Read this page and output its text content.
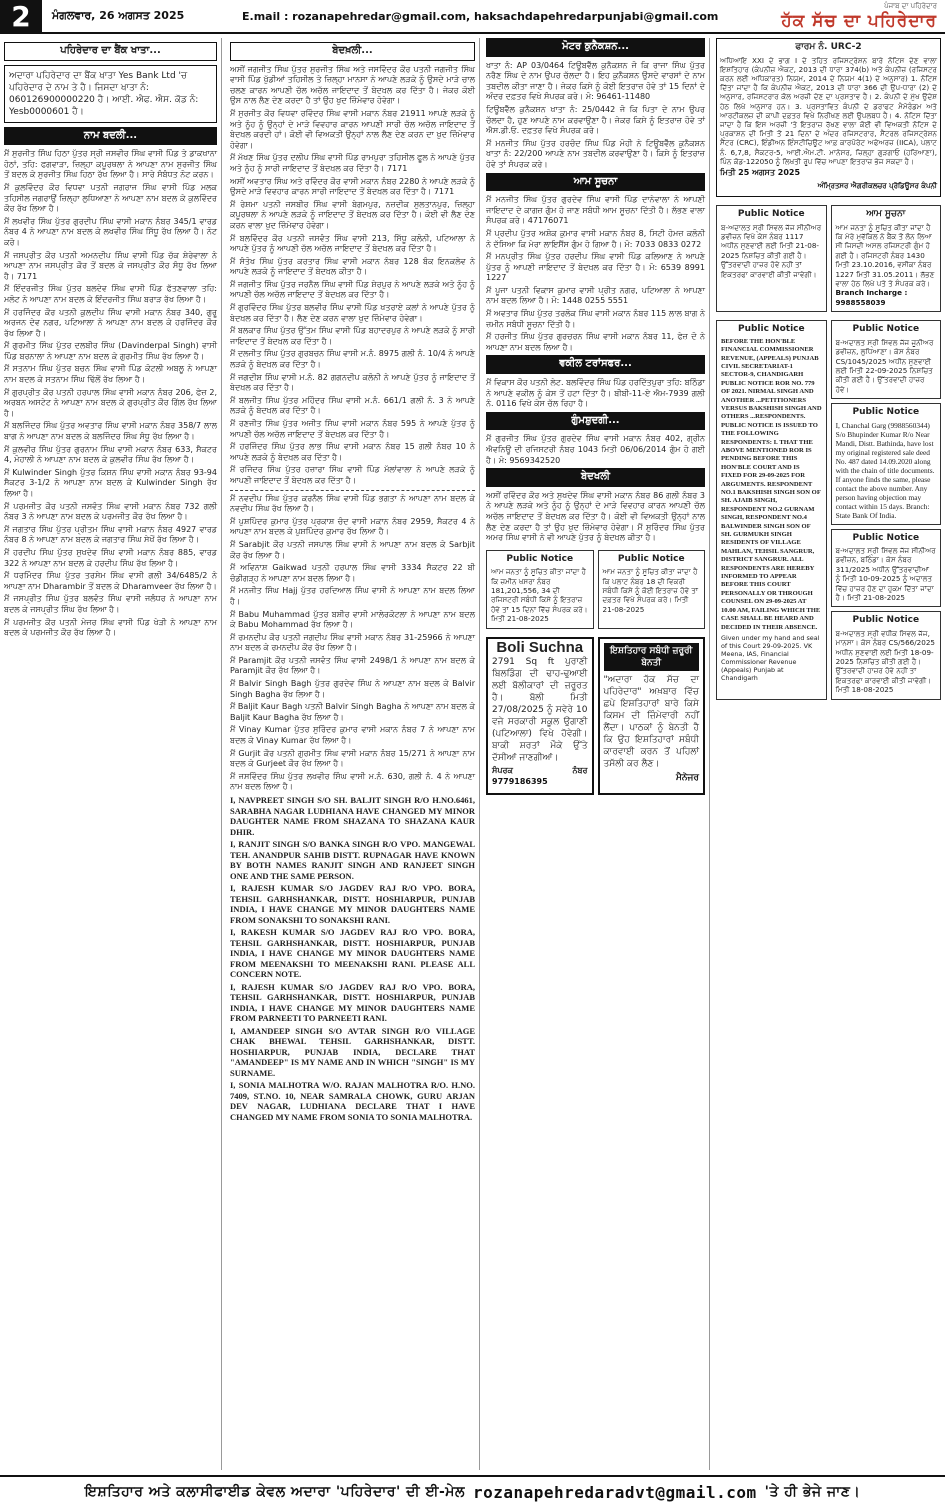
2	ਮੰਗਲਵਾਰ, 26 ਅਗਸਤ 2025	E.mail : rozanapehredar@gmail.com, haksachdapehredarpunjabi@gmail.com
ਪੰਜਾਬ ਦਾ ਪਹਿਰੇਦਾਰ
ਹੱਕ ਸੱਚ ਦਾ ਪਹਿਰੇਦਾਰ
ਪਹਿਰੇਦਾਰ ਦਾ ਬੈਂਕ ਖਾਤਾ...
ਅਦਾਰਾ ਪਹਿਰੇਦਾਰ ਦਾ ਬੈਂਕ ਖਾਤਾ Yes Bank Ltd 'ਚ ਪਹਿਰੇਦਾਰ ਦੇ ਨਾਮ ਤੇ ਹੈ। ਜਿਸਦਾ ਖਾਤਾ ਨੰ: 060126900000220 ਹੈ। ਆਈ. ਐਫ. ਐਸ. ਕੋਡ ਨੰ: Yesb0000601 ਹੈ।
ਨਾਮ ਬਦਲੀ...

ਮੈਂ ਸੁਰਜੀਤ ਸਿੰਘ ਹਿਠਾ ਪੁੱਤਰ ਸ੍ਰੀ ਜਸਵੀਰ ਸਿੰਘ ਵਾਸੀ ਪਿੰਡ ਤੇ ਡਾਕਖਾਨਾ ਹੋਠਾਂ, ਤਹਿ: ਫਗਵਾੜਾ, ਜ਼ਿਲ੍ਹਾ ਕਪੂਰਥਲਾ ਨੇ ਆਪਣਾ ਨਾਮ ਸੁਰਜੀਤ ਸਿੰਘ ਤੋਂ ਬਦਲ ਕੇ ਸੁਰਜੀਤ ਸਿੰਘ ਹਿਠਾ ਰੱਖ ਲਿਆ ਹੈ। ਸਾਰੇ ਸੰਬੰਧਤ ਨੋਟ ਕਰਨ।

ਮੈਂ ਕੁਲਵਿੰਦਰ ਕੌਰ ਵਿਧਵਾ ਪਤਨੀ ਜਗਰਾਜ ਸਿੰਘ ਵਾਸੀ ਪਿੰਡ ਮਲਕ ਤਹਿਸੀਲ ਜਗਰਾਉਂ ਜ਼ਿਲ੍ਹਾ ਲੁਧਿਆਣਾ ਨੇ ਆਪਣਾ ਨਾਮ ਬਦਲ ਕੇ ਕੁਲਵਿੰਦਰ ਕੌਰ ਰੱਖ ਲਿਆ ਹੈ।

ਮੈਂ ਲਖਵੀਰ ਸਿੰਘ ਪੁੱਤਰ ਗੁਰਦੀਪ ਸਿੰਘ ਵਾਸੀ ਮਕਾਨ ਨੰਬਰ 345/1 ਵਾਰਡ ਨੰਬਰ 4 ਨੇ ਆਪਣਾ ਨਾਮ ਬਦਲ ਕੇ ਲਖਵੀਰ ਸਿੰਘ ਸਿੱਧੂ ਰੱਖ ਲਿਆ ਹੈ। ਨੋਟ ਕਰੋ।

ਮੈਂ ਜਸਪ੍ਰੀਤ ਕੌਰ ਪਤਨੀ ਅਮਨਦੀਪ ਸਿੰਘ ਵਾਸੀ ਪਿੰਡ ਚੱਕ ਸ਼ੇਰੇਵਾਲਾ ਨੇ ਆਪਣਾ ਨਾਮ ਜਸਪ੍ਰੀਤ ਕੌਰ ਤੋਂ ਬਦਲ ਕੇ ਜਸਪ੍ਰੀਤ ਕੌਰ ਸੰਧੂ ਰੱਖ ਲਿਆ ਹੈ। 7171

ਮੈਂ ਇੰਦਰਜੀਤ ਸਿੰਘ ਪੁੱਤਰ ਬਲਦੇਵ ਸਿੰਘ ਵਾਸੀ ਪਿੰਡ ਫੱਤਣਵਾਲਾ ਤਹਿ: ਮਲੋਟ ਨੇ ਆਪਣਾ ਨਾਮ ਬਦਲ ਕੇ ਇੰਦਰਜੀਤ ਸਿੰਘ ਬਰਾੜ ਰੱਖ ਲਿਆ ਹੈ।

ਮੈਂ ਹਰਜਿੰਦਰ ਕੌਰ ਪਤਨੀ ਕੁਲਦੀਪ ਸਿੰਘ ਵਾਸੀ ਮਕਾਨ ਨੰਬਰ 340, ਗੁਰੂ ਅਰਜਨ ਦੇਵ ਨਗਰ, ਪਟਿਆਲਾ ਨੇ ਆਪਣਾ ਨਾਮ ਬਦਲ ਕੇ ਹਰਜਿੰਦਰ ਕੌਰ ਰੱਖ ਲਿਆ ਹੈ।

ਮੈਂ ਗੁਰਮੀਤ ਸਿੰਘ ਪੁੱਤਰ ਦਲਬੀਰ ਸਿੰਘ (Davinderpal Singh) ਵਾਸੀ ਪਿੰਡ ਬਰਨਾਲਾ ਨੇ ਆਪਣਾ ਨਾਮ ਬਦਲ ਕੇ ਗੁਰਮੀਤ ਸਿੰਘ ਰੱਖ ਲਿਆ ਹੈ।

ਮੈਂ ਸਤਨਾਮ ਸਿੰਘ ਪੁੱਤਰ ਬਚਨ ਸਿੰਘ ਵਾਸੀ ਪਿੰਡ ਕੋਟਲੀ ਅਬਲੂ ਨੇ ਆਪਣਾ ਨਾਮ ਬਦਲ ਕੇ ਸਤਨਾਮ ਸਿੰਘ ਢਿੱਲੋਂ ਰੱਖ ਲਿਆ ਹੈ।

ਮੈਂ ਗੁਰਪ੍ਰੀਤ ਕੌਰ ਪਤਨੀ ਹਰਪਾਲ ਸਿੰਘ ਵਾਸੀ ਮਕਾਨ ਨੰਬਰ 206, ਫੇਜ਼ 2, ਅਰਬਨ ਅਸਟੇਟ ਨੇ ਆਪਣਾ ਨਾਮ ਬਦਲ ਕੇ ਗੁਰਪ੍ਰੀਤ ਕੌਰ ਗਿੱਲ ਰੱਖ ਲਿਆ ਹੈ।

ਮੈਂ ਬਲਜਿੰਦਰ ਸਿੰਘ ਪੁੱਤਰ ਅਵਤਾਰ ਸਿੰਘ ਵਾਸੀ ਮਕਾਨ ਨੰਬਰ 358/7 ਲਾਲ ਬਾਗ ਨੇ ਆਪਣਾ ਨਾਮ ਬਦਲ ਕੇ ਬਲਜਿੰਦਰ ਸਿੰਘ ਸੰਧੂ ਰੱਖ ਲਿਆ ਹੈ।

ਮੈਂ ਕੁਲਵੀਰ ਸਿੰਘ ਪੁੱਤਰ ਗੁਰਨਾਮ ਸਿੰਘ ਵਾਸੀ ਮਕਾਨ ਨੰਬਰ 633, ਸੈਕਟਰ 4, ਮੋਹਾਲੀ ਨੇ ਆਪਣਾ ਨਾਮ ਬਦਲ ਕੇ ਕੁਲਵੀਰ ਸਿੰਘ ਰੱਖ ਲਿਆ ਹੈ।

ਮੈਂ Kulwinder Singh ਪੁੱਤਰ ਕਿਸ਼ਨ ਸਿੰਘ ਵਾਸੀ ਮਕਾਨ ਨੰਬਰ 93-94 ਸੈਕਟਰ 3-1/2 ਨੇ ਆਪਣਾ ਨਾਮ ਬਦਲ ਕੇ Kulwinder Singh ਰੱਖ ਲਿਆ ਹੈ।

ਮੈਂ ਪਰਮਜੀਤ ਕੌਰ ਪਤਨੀ ਜਸਵੰਤ ਸਿੰਘ ਵਾਸੀ ਮਕਾਨ ਨੰਬਰ 732 ਗਲੀ ਨੰਬਰ 3 ਨੇ ਆਪਣਾ ਨਾਮ ਬਦਲ ਕੇ ਪਰਮਜੀਤ ਕੌਰ ਰੱਖ ਲਿਆ ਹੈ।

ਮੈਂ ਜਗਤਾਰ ਸਿੰਘ ਪੁੱਤਰ ਪ੍ਰੀਤਮ ਸਿੰਘ ਵਾਸੀ ਮਕਾਨ ਨੰਬਰ 4927 ਵਾਰਡ ਨੰਬਰ 8 ਨੇ ਆਪਣਾ ਨਾਮ ਬਦਲ ਕੇ ਜਗਤਾਰ ਸਿੰਘ ਸੇਖੋਂ ਰੱਖ ਲਿਆ ਹੈ।

ਮੈਂ ਹਰਦੀਪ ਸਿੰਘ ਪੁੱਤਰ ਸੁਖਦੇਵ ਸਿੰਘ ਵਾਸੀ ਮਕਾਨ ਨੰਬਰ 885, ਵਾਰਡ 322 ਨੇ ਆਪਣਾ ਨਾਮ ਬਦਲ ਕੇ ਹਰਦੀਪ ਸਿੰਘ ਰੱਖ ਲਿਆ ਹੈ।

ਮੈਂ ਧਰਮਿੰਦਰ ਸਿੰਘ ਪੁੱਤਰ ਤਰਸੇਮ ਸਿੰਘ ਵਾਸੀ ਗਲੀ 34/6485/2 ਨੇ ਆਪਣਾ ਨਾਮ Dharambir ਤੋਂ ਬਦਲ ਕੇ Dharamveer ਰੱਖ ਲਿਆ ਹੈ।

ਮੈਂ ਜਸਪ੍ਰੀਤ ਸਿੰਘ ਪੁੱਤਰ ਬਲਵੰਤ ਸਿੰਘ ਵਾਸੀ ਜਲੰਧਰ ਨੇ ਆਪਣਾ ਨਾਮ ਬਦਲ ਕੇ ਜਸਪ੍ਰੀਤ ਸਿੰਘ ਰੱਖ ਲਿਆ ਹੈ।

ਮੈਂ ਪਰਮਜੀਤ ਕੌਰ ਪਤਨੀ ਮੇਜਰ ਸਿੰਘ ਵਾਸੀ ਪਿੰਡ ਖੇੜੀ ਨੇ ਆਪਣਾ ਨਾਮ ਬਦਲ ਕੇ ਪਰਮਜੀਤ ਕੌਰ ਰੱਖ ਲਿਆ ਹੈ।

ਬੇਦਖ਼ਲੀ...

ਅਸੀਂ ਜਗਜੀਤ ਸਿੰਘ ਪੁੱਤਰ ਸੁਰਜੀਤ ਸਿੰਘ ਅਤੇ ਜਸਵਿੰਦਰ ਕੌਰ ਪਤਨੀ ਜਗਜੀਤ ਸਿੰਘ ਵਾਸੀ ਪਿੰਡ ਖੁੱਡੀਆਂ ਤਹਿਸੀਲ ਤੇ ਜ਼ਿਲ੍ਹਾ ਮਾਨਸਾ ਨੇ ਆਪਣੇ ਲੜਕੇ ਨੂੰ ਉਸਦੇ ਮਾੜੇ ਚਾਲ ਚਲਣ ਕਾਰਨ ਆਪਣੀ ਚੱਲ ਅਚੱਲ ਜਾਇਦਾਦ ਤੋਂ ਬੇਦਖ਼ਲ ਕਰ ਦਿੱਤਾ ਹੈ। ਜੇਕਰ ਕੋਈ ਉਸ ਨਾਲ ਲੈਣ ਦੇਣ ਕਰਦਾ ਹੈ ਤਾਂ ਉਹ ਖੁਦ ਜ਼ਿੰਮੇਵਾਰ ਹੋਵੇਗਾ।

ਮੈਂ ਸੁਰਜੀਤ ਕੌਰ ਵਿਧਵਾ ਰਵਿੰਦਰ ਸਿੰਘ ਵਾਸੀ ਮਕਾਨ ਨੰਬਰ 21911 ਆਪਣੇ ਲੜਕੇ ਨੂੰ ਅਤੇ ਨੂੰਹ ਨੂੰ ਉਨ੍ਹਾਂ ਦੇ ਮਾੜੇ ਵਿਵਹਾਰ ਕਾਰਨ ਆਪਣੀ ਸਾਰੀ ਚੱਲ ਅਚੱਲ ਜਾਇਦਾਦ ਤੋਂ ਬੇਦਖ਼ਲ ਕਰਦੀ ਹਾਂ। ਕੋਈ ਵੀ ਵਿਅਕਤੀ ਉਨ੍ਹਾਂ ਨਾਲ ਲੈਣ ਦੇਣ ਕਰਨ ਦਾ ਖੁਦ ਜ਼ਿੰਮੇਵਾਰ ਹੋਵੇਗਾ।

ਮੈਂ ਮੱਖਣ ਸਿੰਘ ਪੁੱਤਰ ਦਲੀਪ ਸਿੰਘ ਵਾਸੀ ਪਿੰਡ ਰਾਮਪੁਰਾ ਤਹਿਸੀਲ ਫੂਲ ਨੇ ਆਪਣੇ ਪੁੱਤਰ ਅਤੇ ਨੂੰਹ ਨੂੰ ਸਾਰੀ ਜਾਇਦਾਦ ਤੋਂ ਬੇਦਖ਼ਲ ਕਰ ਦਿੱਤਾ ਹੈ। 7171

ਅਸੀਂ ਅਵਤਾਰ ਸਿੰਘ ਅਤੇ ਰਵਿੰਦਰ ਕੌਰ ਵਾਸੀ ਮਕਾਨ ਨੰਬਰ 2280 ਨੇ ਆਪਣੇ ਲੜਕੇ ਨੂੰ ਉਸਦੇ ਮਾੜੇ ਵਿਵਹਾਰ ਕਾਰਨ ਸਾਰੀ ਜਾਇਦਾਦ ਤੋਂ ਬੇਦਖ਼ਲ ਕਰ ਦਿੱਤਾ ਹੈ। 7171

ਮੈਂ ਰੇਸ਼ਮਾ ਪਤਨੀ ਜਸਬੀਰ ਸਿੰਘ ਵਾਸੀ ਬੇਗਮਪੁਰ, ਨਜ਼ਦੀਕ ਸੁਲਤਾਨਪੁਰ, ਜ਼ਿਲ੍ਹਾ ਕਪੂਰਥਲਾ ਨੇ ਆਪਣੇ ਲੜਕੇ ਨੂੰ ਜਾਇਦਾਦ ਤੋਂ ਬੇਦਖ਼ਲ ਕਰ ਦਿੱਤਾ ਹੈ। ਕੋਈ ਵੀ ਲੈਣ ਦੇਣ ਕਰਨ ਵਾਲਾ ਖੁਦ ਜ਼ਿੰਮੇਵਾਰ ਹੋਵੇਗਾ।

ਮੈਂ ਬਲਵਿੰਦਰ ਕੌਰ ਪਤਨੀ ਜਸਵੰਤ ਸਿੰਘ ਵਾਸੀ 213, ਸਿੱਧੂ ਕਲੋਨੀ, ਪਟਿਆਲਾ ਨੇ ਆਪਣੇ ਪੁੱਤਰ ਨੂੰ ਆਪਣੀ ਚੱਲ ਅਚੱਲ ਜਾਇਦਾਦ ਤੋਂ ਬੇਦਖ਼ਲ ਕਰ ਦਿੱਤਾ ਹੈ।

ਮੈਂ ਸੰਤੋਖ ਸਿੰਘ ਪੁੱਤਰ ਕਰਤਾਰ ਸਿੰਘ ਵਾਸੀ ਮਕਾਨ ਨੰਬਰ 128 ਬੰਕ ਇਨਕਲੇਵ ਨੇ ਆਪਣੇ ਲੜਕੇ ਨੂੰ ਜਾਇਦਾਦ ਤੋਂ ਬੇਦਖ਼ਲ ਕੀਤਾ ਹੈ।

ਮੈਂ ਜਗਜੀਤ ਸਿੰਘ ਪੁੱਤਰ ਜਰਨੈਲ ਸਿੰਘ ਵਾਸੀ ਪਿੰਡ ਸ਼ੇਰਪੁਰ ਨੇ ਆਪਣੇ ਲੜਕੇ ਅਤੇ ਨੂੰਹ ਨੂੰ ਆਪਣੀ ਚੱਲ ਅਚੱਲ ਜਾਇਦਾਦ ਤੋਂ ਬੇਦਖ਼ਲ ਕਰ ਦਿੱਤਾ ਹੈ।

ਮੈਂ ਗੁਰਵਿੰਦਰ ਸਿੰਘ ਪੁੱਤਰ ਬਲਵੀਰ ਸਿੰਘ ਵਾਸੀ ਪਿੰਡ ਖਤਰਾਏ ਕਲਾਂ ਨੇ ਆਪਣੇ ਪੁੱਤਰ ਨੂੰ ਬੇਦਖ਼ਲ ਕਰ ਦਿੱਤਾ ਹੈ। ਲੈਣ ਦੇਣ ਕਰਨ ਵਾਲਾ ਖੁਦ ਜ਼ਿੰਮੇਵਾਰ ਹੋਵੇਗਾ।

ਮੈਂ ਬਲਕਾਰ ਸਿੰਘ ਪੁੱਤਰ ਉੱਤਮ ਸਿੰਘ ਵਾਸੀ ਪਿੰਡ ਬਹਾਦਰਪੁਰ ਨੇ ਆਪਣੇ ਲੜਕੇ ਨੂੰ ਸਾਰੀ ਜਾਇਦਾਦ ਤੋਂ ਬੇਦਖ਼ਲ ਕਰ ਦਿੱਤਾ ਹੈ।

ਮੈਂ ਦਲਜੀਤ ਸਿੰਘ ਪੁੱਤਰ ਗੁਰਬਚਨ ਸਿੰਘ ਵਾਸੀ ਮ.ਨੰ. 8975 ਗਲੀ ਨੰ. 10/4 ਨੇ ਆਪਣੇ ਲੜਕੇ ਨੂੰ ਬੇਦਖ਼ਲ ਕਰ ਦਿੱਤਾ ਹੈ।

ਮੈਂ ਜਗਦੀਸ਼ ਸਿੰਘ ਵਾਸੀ ਮ.ਨੰ. 82 ਗਗਨਦੀਪ ਕਲੋਨੀ ਨੇ ਆਪਣੇ ਪੁੱਤਰ ਨੂੰ ਜਾਇਦਾਦ ਤੋਂ ਬੇਦਖ਼ਲ ਕਰ ਦਿੱਤਾ ਹੈ।

ਮੈਂ ਬਲਜੀਤ ਸਿੰਘ ਪੁੱਤਰ ਮਹਿੰਦਰ ਸਿੰਘ ਵਾਸੀ ਮ.ਨੰ. 661/1 ਗਲੀ ਨੰ. 3 ਨੇ ਆਪਣੇ ਲੜਕੇ ਨੂੰ ਬੇਦਖ਼ਲ ਕਰ ਦਿੱਤਾ ਹੈ।

ਮੈਂ ਰਣਜੀਤ ਸਿੰਘ ਪੁੱਤਰ ਅਜੀਤ ਸਿੰਘ ਵਾਸੀ ਮਕਾਨ ਨੰਬਰ 595 ਨੇ ਆਪਣੇ ਪੁੱਤਰ ਨੂੰ ਆਪਣੀ ਚੱਲ ਅਚੱਲ ਜਾਇਦਾਦ ਤੋਂ ਬੇਦਖ਼ਲ ਕਰ ਦਿੱਤਾ ਹੈ।

ਮੈਂ ਹਰਜਿੰਦਰ ਸਿੰਘ ਪੁੱਤਰ ਲਾਭ ਸਿੰਘ ਵਾਸੀ ਮਕਾਨ ਨੰਬਰ 15 ਗਲੀ ਨੰਬਰ 10 ਨੇ ਆਪਣੇ ਲੜਕੇ ਨੂੰ ਬੇਦਖ਼ਲ ਕਰ ਦਿੱਤਾ ਹੈ।

ਮੈਂ ਰਜਿੰਦਰ ਸਿੰਘ ਪੁੱਤਰ ਹਜ਼ਾਰਾ ਸਿੰਘ ਵਾਸੀ ਪਿੰਡ ਮੱਲਾਂਵਾਲਾ ਨੇ ਆਪਣੇ ਲੜਕੇ ਨੂੰ ਆਪਣੀ ਜਾਇਦਾਦ ਤੋਂ ਬੇਦਖ਼ਲ ਕਰ ਦਿੱਤਾ ਹੈ।

ਮੈਂ ਨਵਦੀਪ ਸਿੰਘ ਪੁੱਤਰ ਕਰਨੈਲ ਸਿੰਘ ਵਾਸੀ ਪਿੰਡ ਭਗਤਾ ਨੇ ਆਪਣਾ ਨਾਮ ਬਦਲ ਕੇ ਨਵਦੀਪ ਸਿੰਘ ਰੱਖ ਲਿਆ ਹੈ।

ਮੈਂ ਪੁਸ਼ਪਿੰਦਰ ਕੁਮਾਰ ਪੁੱਤਰ ਪ੍ਰਕਾਸ਼ ਚੰਦ ਵਾਸੀ ਮਕਾਨ ਨੰਬਰ 2959, ਸੈਕਟਰ 4 ਨੇ ਆਪਣਾ ਨਾਮ ਬਦਲ ਕੇ ਪੁਸ਼ਪਿੰਦਰ ਕੁਮਾਰ ਰੱਖ ਲਿਆ ਹੈ।

ਮੈਂ Sarabjit ਕੌਰ ਪਤਨੀ ਜਸਪਾਲ ਸਿੰਘ ਵਾਸੀ ਨੇ ਆਪਣਾ ਨਾਮ ਬਦਲ ਕੇ Sarbjit ਕੌਰ ਰੱਖ ਲਿਆ ਹੈ।

ਮੈਂ ਅਵਿਨਾਸ਼ Gaikwad ਪਤਨੀ ਹਰਪਾਲ ਸਿੰਘ ਵਾਸੀ 3334 ਸੈਕਟਰ 22 ਬੀ ਚੰਡੀਗੜ੍ਹ ਨੇ ਆਪਣਾ ਨਾਮ ਬਦਲ ਲਿਆ ਹੈ।

ਮੈਂ ਮਨਜੀਤ ਸਿੰਘ Hajj ਪੁੱਤਰ ਹਰਦਿਆਲ ਸਿੰਘ ਵਾਸੀ ਨੇ ਆਪਣਾ ਨਾਮ ਬਦਲ ਲਿਆ ਹੈ।

ਮੈਂ Babu Muhammad ਪੁੱਤਰ ਬਸ਼ੀਰ ਵਾਸੀ ਮਾਲੇਰਕੋਟਲਾ ਨੇ ਆਪਣਾ ਨਾਮ ਬਦਲ ਕੇ Babu Mohammad ਰੱਖ ਲਿਆ ਹੈ।

ਮੈਂ ਰਮਨਦੀਪ ਕੌਰ ਪਤਨੀ ਜਗਦੀਪ ਸਿੰਘ ਵਾਸੀ ਮਕਾਨ ਨੰਬਰ 31-25966 ਨੇ ਆਪਣਾ ਨਾਮ ਬਦਲ ਕੇ ਰਮਨਦੀਪ ਕੌਰ ਰੱਖ ਲਿਆ ਹੈ।

ਮੈਂ Paramjit ਕੌਰ ਪਤਨੀ ਜਸਵੰਤ ਸਿੰਘ ਵਾਸੀ 2498/1 ਨੇ ਆਪਣਾ ਨਾਮ ਬਦਲ ਕੇ Paramjit ਕੌਰ ਰੱਖ ਲਿਆ ਹੈ।

ਮੈਂ Balvir Singh Bagh ਪੁੱਤਰ ਗੁਰਦੇਵ ਸਿੰਘ ਨੇ ਆਪਣਾ ਨਾਮ ਬਦਲ ਕੇ Balvir Singh Bagha ਰੱਖ ਲਿਆ ਹੈ।

ਮੈਂ Baljit Kaur Bagh ਪਤਨੀ Balvir Singh Bagha ਨੇ ਆਪਣਾ ਨਾਮ ਬਦਲ ਕੇ Baljit Kaur Bagha ਰੱਖ ਲਿਆ ਹੈ।

ਮੈਂ Vinay Kumar ਪੁੱਤਰ ਸੁਰਿੰਦਰ ਕੁਮਾਰ ਵਾਸੀ ਮਕਾਨ ਨੰਬਰ 7 ਨੇ ਆਪਣਾ ਨਾਮ ਬਦਲ ਕੇ Vinay Kumar ਰੱਖ ਲਿਆ ਹੈ।

ਮੈਂ Gurjit ਕੌਰ ਪਤਨੀ ਗੁਰਮੀਤ ਸਿੰਘ ਵਾਸੀ ਮਕਾਨ ਨੰਬਰ 15/271 ਨੇ ਆਪਣਾ ਨਾਮ ਬਦਲ ਕੇ Gurjeet ਕੌਰ ਰੱਖ ਲਿਆ ਹੈ।

ਮੈਂ ਜਸਵਿੰਦਰ ਸਿੰਘ ਪੁੱਤਰ ਲਖਵੀਰ ਸਿੰਘ ਵਾਸੀ ਮ.ਨੰ. 630, ਗਲੀ ਨੰ. 4 ਨੇ ਆਪਣਾ ਨਾਮ ਬਦਲ ਲਿਆ ਹੈ।

I, NAVPREET SINGH S/O SH. BALJIT SINGH R/O H.NO.6461, SARABHA NAGAR LUDHIANA HAVE CHANGED MY MINOR DAUGHTER NAME FROM SHAZANA TO SHAZANA KAUR DHIR.

I, RANJIT SINGH S/O BANKA SINGH R/O VPO. MANGEWAL TEH. ANANDPUR SAHIB DISTT. RUPNAGAR HAVE KNOWN BY BOTH NAMES RANJIT SINGH AND RANJEET SINGH ONE AND THE SAME PERSON.

I, RAJESH KUMAR S/O JAGDEV RAJ R/O VPO. BORA, TEHSIL GARHSHANKAR, DISTT. HOSHIARPUR, PUNJAB INDIA, I HAVE CHANGE MY MINOR DAUGHTERS NAME FROM SONAKSHI TO SONAKSHI RANI.

I, RAKESH KUMAR S/O JAGDEV RAJ R/O VPO. BORA, TEHSIL GARHSHANKAR, DISTT. HOSHIARPUR, PUNJAB INDIA, I HAVE CHANGE MY MINOR DAUGHTERS NAME FROM MEENAKSHI TO MEENAKSHI RANI. PLEASE ALL CONCERN NOTE.

I, RAJESH KUMAR S/O JAGDEV RAJ R/O VPO. BORA, TEHSIL GARHSHANKAR, DISTT. HOSHIARPUR, PUNJAB INDIA, I HAVE CHANGE MY MINOR DAUGHTERS NAME FROM PARNEETI TO PARNEETI RANI.

I, AMANDEEP SINGH S/O AVTAR SINGH R/O VILLAGE CHAK BHEWAL TEHSIL GARHSHANKAR, DISTT. HOSHIARPUR, PUNJAB INDIA, DECLARE THAT "AMANDEEP" IS MY NAME AND IN WHICH "SINGH" IS MY SURNAME.

I, SONIA MALHOTRA W/O. RAJAN MALHOTRA R/O. H.NO. 7409, ST.NO. 10, NEAR SAMRALA CHOWK, GURU ARJAN DEV NAGAR, LUDHIANA DECLARE THAT I HAVE CHANGED MY NAME FROM SONIA TO SONIA MALHOTRA.

ਮੋਟਰ ਕੁਨੈਕਸ਼ਨ...

ਖਾਤਾ ਨੰ: AP 03/0464 ਟਿਊਬਵੈੱਲ ਕੁਨੈਕਸ਼ਨ ਜੋ ਕਿ ਰਾਜਾ ਸਿੰਘ ਪੁੱਤਰ ਨਰੈਣ ਸਿੰਘ ਦੇ ਨਾਮ ਉਪਰ ਚੱਲਦਾ ਹੈ। ਇਹ ਕੁਨੈਕਸ਼ਨ ਉਸਦੇ ਵਾਰਸਾਂ ਦੇ ਨਾਮ ਤਬਦੀਲ ਕੀਤਾ ਜਾਣਾ ਹੈ। ਜੇਕਰ ਕਿਸੇ ਨੂੰ ਕੋਈ ਇਤਰਾਜ਼ ਹੋਵੇ ਤਾਂ 15 ਦਿਨਾਂ ਦੇ ਅੰਦਰ ਦਫ਼ਤਰ ਵਿਖੇ ਸੰਪਰਕ ਕਰੇ। ਮੋ: 96461-11480

ਟਿਊਬਵੈੱਲ ਕੁਨੈਕਸ਼ਨ ਖਾਤਾ ਨੰ: 25/0442 ਜੋ ਕਿ ਪਿਤਾ ਦੇ ਨਾਮ ਉਪਰ ਚੱਲਦਾ ਹੈ, ਹੁਣ ਆਪਣੇ ਨਾਮ ਕਰਵਾਉਣਾ ਹੈ। ਜੇਕਰ ਕਿਸੇ ਨੂੰ ਇਤਰਾਜ਼ ਹੋਵੇ ਤਾਂ ਐਸ.ਡੀ.ਓ. ਦਫ਼ਤਰ ਵਿਖੇ ਸੰਪਰਕ ਕਰੇ।

ਮੈਂ ਮਨਜੀਤ ਸਿੰਘ ਪੁੱਤਰ ਹਰਚੰਦ ਸਿੰਘ ਪਿੰਡ ਮੋਹੀ ਨੇ ਟਿਊਬਵੈੱਲ ਕੁਨੈਕਸ਼ਨ ਖਾਤਾ ਨੰ: 22/200 ਆਪਣੇ ਨਾਮ ਤਬਦੀਲ ਕਰਵਾਉਣਾ ਹੈ। ਕਿਸੇ ਨੂੰ ਇਤਰਾਜ਼ ਹੋਵੇ ਤਾਂ ਸੰਪਰਕ ਕਰੇ।

ਆਮ ਸੂਚਨਾ

ਮੈਂ ਮਨਜੀਤ ਸਿੰਘ ਪੁੱਤਰ ਗੁਰਦੇਵ ਸਿੰਘ ਵਾਸੀ ਪਿੰਡ ਦਾਨੇਵਾਲਾ ਨੇ ਆਪਣੀ ਜਾਇਦਾਦ ਦੇ ਕਾਗਜ਼ ਗੁੰਮ ਹੋ ਜਾਣ ਸਬੰਧੀ ਆਮ ਸੂਚਨਾ ਦਿੱਤੀ ਹੈ। ਲੱਭਣ ਵਾਲਾ ਸੰਪਰਕ ਕਰੇ। 47176071

ਮੈਂ ਪ੍ਰਦੀਪ ਪੁੱਤਰ ਅਸ਼ੋਕ ਕੁਮਾਰ ਵਾਸੀ ਮਕਾਨ ਨੰਬਰ 8, ਸਿਟੀ ਹੋਮਜ਼ ਕਲੋਨੀ ਨੇ ਦੱਸਿਆ ਕਿ ਮੇਰਾ ਲਾਇਸੈਂਸ ਗੁੰਮ ਹੋ ਗਿਆ ਹੈ। ਮੋ: 7033 0833 0272

ਮੈਂ ਮਨਪ੍ਰੀਤ ਸਿੰਘ ਪੁੱਤਰ ਹਰਦੀਪ ਸਿੰਘ ਵਾਸੀ ਪਿੰਡ ਕਲਿਆਣ ਨੇ ਆਪਣੇ ਪੁੱਤਰ ਨੂੰ ਆਪਣੀ ਜਾਇਦਾਦ ਤੋਂ ਬੇਦਖ਼ਲ ਕਰ ਦਿੱਤਾ ਹੈ। ਮੋ: 6539 8991 1227

ਮੈਂ ਪੂਜਾ ਪਤਨੀ ਵਿਕਾਸ ਕੁਮਾਰ ਵਾਸੀ ਪ੍ਰੀਤ ਨਗਰ, ਪਟਿਆਲਾ ਨੇ ਆਪਣਾ ਨਾਮ ਬਦਲ ਲਿਆ ਹੈ। ਮੋ: 1448 0255 5551

ਮੈਂ ਅਵਤਾਰ ਸਿੰਘ ਪੁੱਤਰ ਤਰਲੋਕ ਸਿੰਘ ਵਾਸੀ ਮਕਾਨ ਨੰਬਰ 115 ਲਾਲ ਬਾਗ ਨੇ ਜ਼ਮੀਨ ਸਬੰਧੀ ਸੂਚਨਾ ਦਿੱਤੀ ਹੈ।

ਮੈਂ ਹਰਜੀਤ ਸਿੰਘ ਪੁੱਤਰ ਗੁਰਚਰਨ ਸਿੰਘ ਵਾਸੀ ਮਕਾਨ ਨੰਬਰ 11, ਫੇਜ਼ ਦੋ ਨੇ ਆਪਣਾ ਨਾਮ ਬਦਲ ਲਿਆ ਹੈ।

ਵਕੀਲ ਟਰਾਂਸਫਰ...

ਮੈਂ ਵਿਕਾਸ ਕੌਰ ਪਤਨੀ ਲੇਟ. ਬਲਵਿੰਦਰ ਸਿੰਘ ਪਿੰਡ ਹਰਦਿੱਤਪੁਰਾ ਤਹਿ: ਬਠਿੰਡਾ ਨੇ ਆਪਣੇ ਵਕੀਲ ਨੂੰ ਕੇਸ ਤੋਂ ਹਟਾ ਦਿੱਤਾ ਹੈ। ਬੀਬੀ-11-ਏ ਐਮ-7939 ਗਲੀ ਨੰ. 0116 ਵਿਖੇ ਕੇਸ ਚੱਲ ਰਿਹਾ ਹੈ।

ਗੁੰਮਸ਼ੁਦਗੀ...

ਮੈਂ ਗੁਰਜੀਤ ਸਿੰਘ ਪੁੱਤਰ ਗੁਰਦੇਵ ਸਿੰਘ ਵਾਸੀ ਮਕਾਨ ਨੰਬਰ 402, ਗ੍ਰੀਨ ਐਵਨਿਊ ਦੀ ਰਜਿਸਟਰੀ ਨੰਬਰ 1043 ਮਿਤੀ 06/06/2014 ਗੁੰਮ ਹੋ ਗਈ ਹੈ। ਮੋ: 9569342520

ਬੇਦਖਲੀ

ਅਸੀਂ ਰਵਿੰਦਰ ਕੌਰ ਅਤੇ ਸੁਖਦੇਵ ਸਿੰਘ ਵਾਸੀ ਮਕਾਨ ਨੰਬਰ 86 ਗਲੀ ਨੰਬਰ 3 ਨੇ ਆਪਣੇ ਲੜਕੇ ਅਤੇ ਨੂੰਹ ਨੂੰ ਉਨ੍ਹਾਂ ਦੇ ਮਾੜੇ ਵਿਵਹਾਰ ਕਾਰਨ ਆਪਣੀ ਚੱਲ ਅਚੱਲ ਜਾਇਦਾਦ ਤੋਂ ਬੇਦਖ਼ਲ ਕਰ ਦਿੱਤਾ ਹੈ। ਕੋਈ ਵੀ ਵਿਅਕਤੀ ਉਨ੍ਹਾਂ ਨਾਲ ਲੈਣ ਦੇਣ ਕਰਦਾ ਹੈ ਤਾਂ ਉਹ ਖੁਦ ਜ਼ਿੰਮੇਵਾਰ ਹੋਵੇਗਾ। ਮੈਂ ਸੁਰਿੰਦਰ ਸਿੰਘ ਪੁੱਤਰ ਅਮਰ ਸਿੰਘ ਵਾਸੀ ਨੇ ਵੀ ਆਪਣੇ ਪੁੱਤਰ ਨੂੰ ਬੇਦਖ਼ਲ ਕੀਤਾ ਹੈ।

Public Notice
ਆਮ ਜਨਤਾ ਨੂੰ ਸੂਚਿਤ ਕੀਤਾ ਜਾਂਦਾ ਹੈ ਕਿ ਜ਼ਮੀਨ ਖਸਰਾ ਨੰਬਰ 181,201,556, 34 ਦੀ ਰਜਿਸਟਰੀ ਸਬੰਧੀ ਕਿਸੇ ਨੂੰ ਇਤਰਾਜ਼ ਹੋਵੇ ਤਾਂ 15 ਦਿਨਾਂ ਵਿੱਚ ਸੰਪਰਕ ਕਰੇ। ਮਿਤੀ 21-08-2025
Public Notice
ਆਮ ਜਨਤਾ ਨੂੰ ਸੂਚਿਤ ਕੀਤਾ ਜਾਂਦਾ ਹੈ ਕਿ ਪਲਾਟ ਨੰਬਰ 18 ਦੀ ਵਿਕਰੀ ਸਬੰਧੀ ਕਿਸੇ ਨੂੰ ਕੋਈ ਇਤਰਾਜ਼ ਹੋਵੇ ਤਾਂ ਦਫ਼ਤਰ ਵਿਖੇ ਸੰਪਰਕ ਕਰੇ। ਮਿਤੀ 21-08-2025
Boli Suchna

2791 Sq ft ਪੁਰਾਣੀ ਬਿਲਡਿੰਗ ਦੀ ਢਾਹ-ਢੁਆਈ ਲਈ ਬੋਲੀਕਾਰਾਂ ਦੀ ਜ਼ਰੂਰਤ ਹੈ। ਬੋਲੀ ਮਿਤੀ 27/08/2025 ਨੂੰ ਸਵੇਰੇ 10 ਵਜੇ ਸਰਕਾਰੀ ਸਕੂਲ ਉਗਾਣੀ (ਪਟਿਆਲਾ) ਵਿਖੇ ਹੋਵੇਗੀ। ਬਾਕੀ ਸ਼ਰਤਾਂ ਮੌਕੇ ਉੱਤੇ ਦੱਸੀਆਂ ਜਾਣਗੀਆਂ।

ਸੰਪਰਕ ਨੰਬਰ 9779186395

ਇਸ਼ਤਿਹਾਰ ਸਬੰਧੀ ਜ਼ਰੂਰੀ ਬੇਨਤੀ

"ਅਦਾਰਾ ਹੱਕ ਸੱਚ ਦਾ ਪਹਿਰੇਦਾਰ" ਅਖ਼ਬਾਰ ਵਿੱਚ ਛਪੇ ਇਸ਼ਤਿਹਾਰਾਂ ਬਾਰੇ ਕਿਸੇ ਕਿਸਮ ਦੀ ਜ਼ਿੰਮੇਵਾਰੀ ਨਹੀਂ ਲੈਂਦਾ। ਪਾਠਕਾਂ ਨੂੰ ਬੇਨਤੀ ਹੈ ਕਿ ਉਹ ਇਸ਼ਤਿਹਾਰਾਂ ਸਬੰਧੀ ਕਾਰਵਾਈ ਕਰਨ ਤੋਂ ਪਹਿਲਾਂ ਤਸੱਲੀ ਕਰ ਲੈਣ।

ਮੈਨੇਜਰ

ਫਾਰਮ ਨੰ. URC-2

ਅਧਿਆਇ XXI ਦੇ ਭਾਗ I ਦੇ ਤਹਿਤ ਰਜਿਸਟ੍ਰੇਸ਼ਨ ਬਾਰੇ ਨੋਟਿਸ ਦੇਣ ਵਾਲਾ ਇਸ਼ਤਿਹਾਰ (ਕੰਪਨੀਜ਼ ਐਕਟ, 2013 ਦੀ ਧਾਰਾ 374(b) ਅਤੇ ਕੰਪਨੀਜ਼ (ਰਜਿਸਟਰ ਕਰਨ ਲਈ ਅਧਿਕਾਰਤ) ਨਿਯਮ, 2014 ਦੇ ਨਿਯਮ 4(1) ਦੇ ਅਨੁਸਾਰ) 1. ਨੋਟਿਸ ਦਿੱਤਾ ਜਾਂਦਾ ਹੈ ਕਿ ਕੰਪਨੀਜ਼ ਐਕਟ, 2013 ਦੀ ਧਾਰਾ 366 ਦੀ ਉਪ-ਧਾਰਾ (2) ਦੇ ਅਨੁਸਾਰ, ਰਜਿਸਟਰਾਰ ਕੋਲ ਅਰਜ਼ੀ ਦੇਣ ਦਾ ਪ੍ਰਸਤਾਵ ਹੈ। 2. ਕੰਪਨੀ ਦੇ ਮੁੱਖ ਉਦੇਸ਼ ਹੇਠ ਲਿਖੇ ਅਨੁਸਾਰ ਹਨ। 3. ਪ੍ਰਸਤਾਵਿਤ ਕੰਪਨੀ ਦੇ ਡਰਾਫਟ ਮੈਮੋਰੰਡਮ ਅਤੇ ਆਰਟੀਕਲਜ਼ ਦੀ ਕਾਪੀ ਦਫ਼ਤਰ ਵਿਖੇ ਨਿਰੀਖਣ ਲਈ ਉਪਲਬਧ ਹੈ। 4. ਨੋਟਿਸ ਦਿੱਤਾ ਜਾਂਦਾ ਹੈ ਕਿ ਇਸ ਅਰਜ਼ੀ 'ਤੇ ਇਤਰਾਜ਼ ਰੱਖਣ ਵਾਲਾ ਕੋਈ ਵੀ ਵਿਅਕਤੀ ਨੋਟਿਸ ਦੇ ਪ੍ਰਕਾਸ਼ਨ ਦੀ ਮਿਤੀ ਤੋਂ 21 ਦਿਨਾਂ ਦੇ ਅੰਦਰ ਰਜਿਸਟਰਾਰ, ਸੈਂਟਰਲ ਰਜਿਸਟ੍ਰੇਸ਼ਨ ਸੈਂਟਰ (CRC), ਇੰਡੀਅਨ ਇੰਸਟੀਚਿਊਟ ਆਫ਼ ਕਾਰਪੋਰੇਟ ਅਫੇਅਰਜ਼ (IICA), ਪਲਾਟ ਨੰ. 6,7,8, ਸੈਕਟਰ-5, ਆਈ.ਐਮ.ਟੀ. ਮਾਨੇਸਰ, ਜ਼ਿਲ੍ਹਾ ਗੁੜਗਾਓਂ (ਹਰਿਆਣਾ), ਪਿੰਨ ਕੋਡ-122050 ਨੂੰ ਲਿਖਤੀ ਰੂਪ ਵਿੱਚ ਆਪਣਾ ਇਤਰਾਜ਼ ਭੇਜ ਸਕਦਾ ਹੈ।

ਮਿਤੀ 25 ਅਗਸਤ 2025

ਅੰਮ੍ਰਿਤਸਰ ਐਗਰੀਕਲਚਰ ਪ੍ਰੋਡਿਊਸਰ ਕੰਪਨੀ

Public Notice
ਬ-ਅਦਾਲਤ ਸ੍ਰੀ ਸਿਵਲ ਜੱਜ ਸੀਨੀਅਰ ਡਵੀਜ਼ਨ ਵਿਖੇ ਕੇਸ ਨੰਬਰ 1117 ਅਧੀਨ ਸੁਣਵਾਈ ਲਈ ਮਿਤੀ 21-08-2025 ਨਿਸ਼ਚਿਤ ਕੀਤੀ ਗਈ ਹੈ। ਉੱਤਰਵਾਦੀ ਹਾਜ਼ਰ ਹੋਵੇ ਨਹੀਂ ਤਾਂ ਇਕਤਰਫਾ ਕਾਰਵਾਈ ਕੀਤੀ ਜਾਵੇਗੀ।
ਆਮ ਸੂਚਨਾ
ਆਮ ਜਨਤਾ ਨੂੰ ਸੂਚਿਤ ਕੀਤਾ ਜਾਂਦਾ ਹੈ ਕਿ ਮੇਰੇ ਮੁਵੱਕਿਲ ਨੇ ਬੈਂਕ ਤੋਂ ਲੋਨ ਲਿਆ ਸੀ ਜਿਸਦੀ ਅਸਲ ਰਜਿਸਟਰੀ ਗੁੰਮ ਹੋ ਗਈ ਹੈ। ਰਜਿਸਟਰੀ ਨੰਬਰ 1430 ਮਿਤੀ 23.10.2016, ਵਸੀਕਾ ਨੰਬਰ 1227 ਮਿਤੀ 31.05.2011। ਲੱਭਣ ਵਾਲਾ ਹੇਠ ਲਿਖੇ ਪਤੇ ਤੇ ਸੰਪਰਕ ਕਰੇ।
Branch Incharge : 9988558039
Public Notice
BEFORE THE HON'BLE FINANCIAL COMMISSIONER REVENUE, (APPEALS) PUNJAB CIVIL SECRETARIAT-1 SECTOR-9, CHANDIGARH PUBLIC NOTICE ROR NO. 779 OF 2021. NIRMAL SINGH AND ANOTHER ...PETITIONERS VERSUS BAKSHISH SINGH AND OTHERS ...RESPONDENTS. PUBLIC NOTICE IS ISSUED TO THE FOLLOWING RESPONDENTS: I. THAT THE ABOVE MENTIONED ROR IS PENDING BEFORE THIS HON'BLE COURT AND IS FIXED FOR 29-09-2025 FOR ARGUMENTS. RESPONDENT NO.1 BAKSHISH SINGH SON OF SH. AJAIB SINGH, RESPONDENT NO.2 GURNAM SINGH, RESPONDENT NO.4 BALWINDER SINGH SON OF SH. GURMUKH SINGH RESIDENTS OF VILLAGE MAHLAN, TEHSIL SANGRUR, DISTRICT SANGRUR. ALL RESPONDENTS ARE HEREBY INFORMED TO APPEAR BEFORE THIS COURT PERSONALLY OR THROUGH COUNSEL ON 29-09-2025 AT 10.00 AM, FAILING WHICH THE CASE SHALL BE HEARD AND DECIDED IN THEIR ABSENCE.
Given under my hand and seal of this Court 29-09-2025. VK Meena, IAS, Financial Commissioner Revenue (Appeals) Punjab at Chandigarh
Public Notice
ਬ-ਅਦਾਲਤ ਸ੍ਰੀ ਸਿਵਲ ਜੱਜ ਜੂਨੀਅਰ ਡਵੀਜ਼ਨ, ਲੁਧਿਆਣਾ। ਕੇਸ ਨੰਬਰ CS/1045/2025 ਅਧੀਨ ਸੁਣਵਾਈ ਲਈ ਮਿਤੀ 22-09-2025 ਨਿਸ਼ਚਿਤ ਕੀਤੀ ਗਈ ਹੈ। ਉੱਤਰਵਾਦੀ ਹਾਜ਼ਰ ਹੋਵੇ।
Public Notice
I, Chanchal Garg (9988560344) S/o Bhupinder Kumar R/o Near Mandi, Distt. Bathinda, have lost my original registered sale deed No. 487 dated 14.09.2020 along with the chain of title documents. If anyone finds the same, please contact the above number. Any person having objection may contact within 15 days. Branch: State Bank Of India.
Public Notice
ਬ-ਅਦਾਲਤ ਸ੍ਰੀ ਸਿਵਲ ਜੱਜ ਸੀਨੀਅਰ ਡਵੀਜ਼ਨ, ਬਠਿੰਡਾ। ਕੇਸ ਨੰਬਰ 311/2025 ਅਧੀਨ ਉੱਤਰਵਾਦੀਆਂ ਨੂੰ ਮਿਤੀ 10-09-2025 ਨੂੰ ਅਦਾਲਤ ਵਿੱਚ ਹਾਜ਼ਰ ਹੋਣ ਦਾ ਹੁਕਮ ਦਿੱਤਾ ਜਾਂਦਾ ਹੈ। ਮਿਤੀ 21-08-2025
Public Notice
ਬ-ਅਦਾਲਤ ਸ੍ਰੀ ਵਧੀਕ ਸਿਵਲ ਜੱਜ, ਮਾਨਸਾ। ਕੇਸ ਨੰਬਰ CS/566/2025 ਅਧੀਨ ਸੁਣਵਾਈ ਲਈ ਮਿਤੀ 18-09-2025 ਨਿਸ਼ਚਿਤ ਕੀਤੀ ਗਈ ਹੈ। ਉੱਤਰਵਾਦੀ ਹਾਜ਼ਰ ਹੋਵੇ ਨਹੀਂ ਤਾਂ ਇਕਤਰਫਾ ਕਾਰਵਾਈ ਕੀਤੀ ਜਾਵੇਗੀ। ਮਿਤੀ 18-08-2025
ਇਸ਼ਤਿਹਾਰ ਅਤੇ ਕਲਾਸੀਫਾਈਡ ਕੇਵਲ ਅਦਾਰਾ 'ਪਹਿਰੇਦਾਰ' ਦੀ ਈ-ਮੇਲ rozanapehredaradvt@gmail.com 'ਤੇ ਹੀ ਭੇਜੇ ਜਾਣ।
